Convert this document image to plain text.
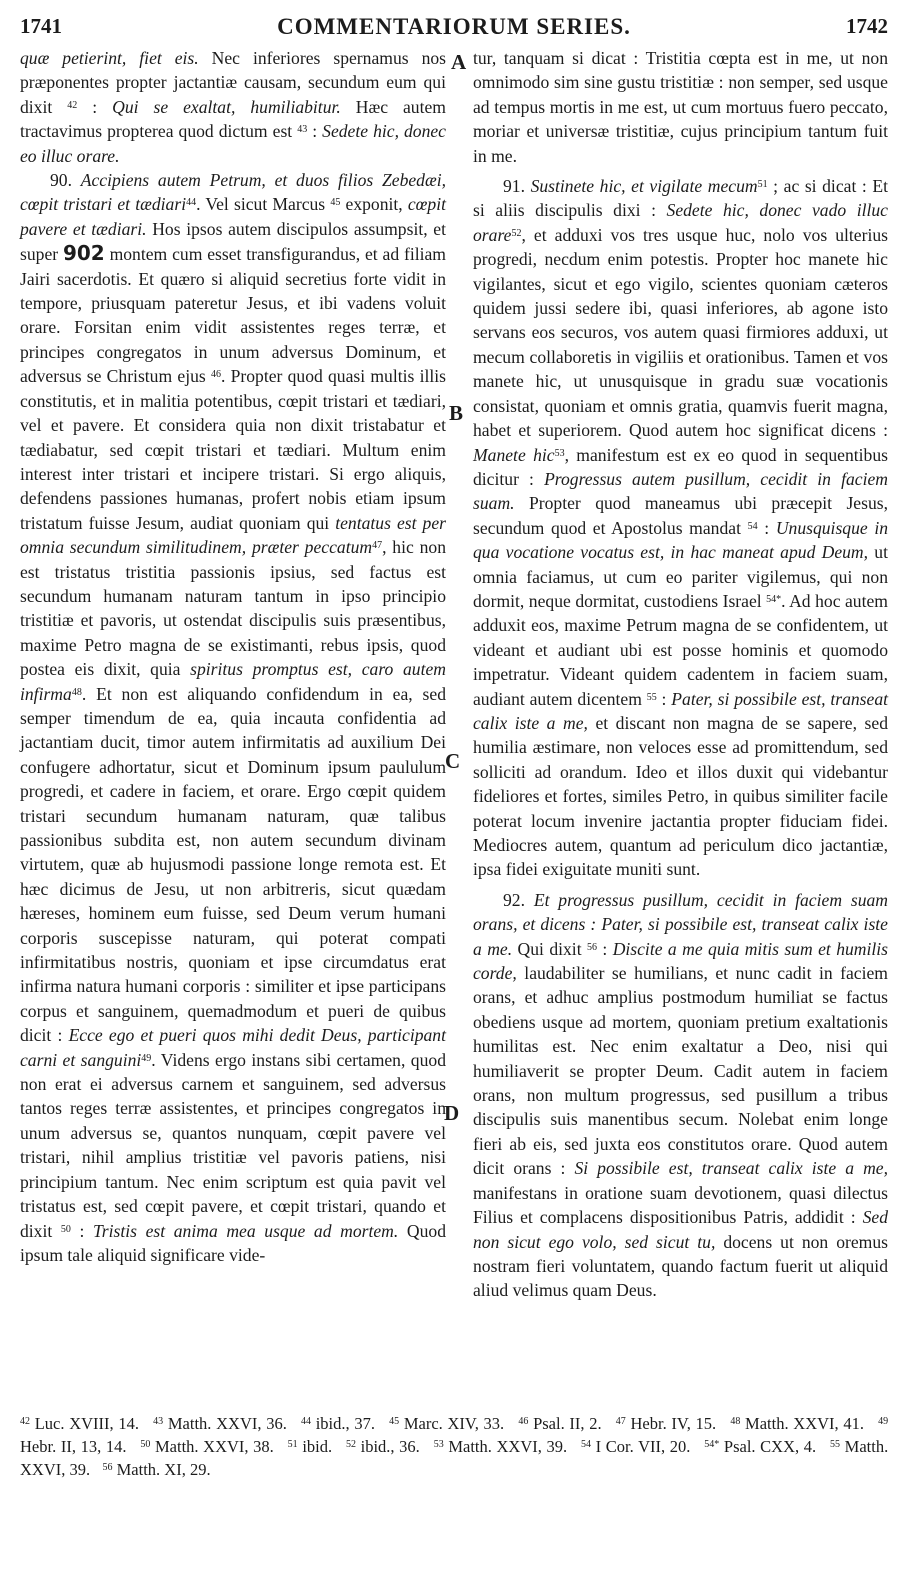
1741	COMMENTARIORUM SERIES.	1742

quæ petierint, fiet eis. Nec inferiores spernamus nos præponentes propter jactantiæ causam, secundum eum qui dixit $^{42}$ : Qui se exaltat, humiliabitur. Hæc autem tractavimus propterea quod dictum est $^{43}$ : Sedete hic, donec eo illuc orare.

90. Accipiens autem Petrum, et duos filios Zebedæi, cœpit tristari et tædiari$^{44}$. Vel sicut Marcus $^{45}$ exponit, cœpit pavere et tædiari. Hos ipsos autem discipulos assumpsit, et super 902 montem cum esset transfigurandus, et ad filiam Jairi sacerdotis. Et quæro si aliquid secretius forte vidit in tempore, priusquam pateretur Jesus, et ibi vadens voluit orare. Forsitan enim vidit assistentes reges terræ, et principes congregatos in unum adversus Dominum, et adversus se Christum ejus $^{46}$. Propter quod quasi multis illis constitutis, et in malitia potentibus, cœpit tristari et tædiari, vel et pavere. Et considera quia non dixit tristabatur et tædiabatur, sed cœpit tristari et tædiari. Multum enim interest inter tristari et incipere tristari. Si ergo aliquis, defendens passiones humanas, profert nobis etiam ipsum tristatum fuisse Jesum, audiat quoniam qui tentatus est per omnia secundum similitudinem, præter peccatum$^{47}$, hic non est tristatus tristitia passionis ipsius, sed factus est secundum humanam naturam tantum in ipso principio tristitiæ et pavoris, ut ostendat discipulis suis præsentibus, maxime Petro magna de se existimanti, rebus ipsis, quod postea eis dixit, quia spiritus promptus est, caro autem infirma$^{48}$. Et non est aliquando confidendum in ea, sed semper timendum de ea, quia incauta confidentia ad jactantiam ducit, timor autem infirmitatis ad auxilium Dei confugere adhortatur, sicut et Dominum ipsum paululum progredi, et cadere in faciem, et orare. Ergo cœpit quidem tristari secundum humanam naturam, quæ talibus passionibus subdita est, non autem secundum divinam virtutem, quæ ab hujusmodi passione longe remota est. Et hæc dicimus de Jesu, ut non arbitreris, sicut quædam hæreses, hominem eum fuisse, sed Deum verum humani corporis suscepisse naturam, qui poterat compati infirmitatibus nostris, quoniam et ipse circumdatus erat infirma natura humani corporis : similiter et ipse participans corpus et sanguinem, quemadmodum et pueri de quibus dicit : Ecce ego et pueri quos mihi dedit Deus, participant carni et sanguini$^{49}$. Videns ergo instans sibi certamen, quod non erat ei adversus carnem et sanguinem, sed adversus tantos reges terræ assistentes, et principes congregatos in unum adversus se, quantos nunquam, cœpit pavere vel tristari, nihil amplius tristitiæ vel pavoris patiens, nisi principium tantum. Nec enim scriptum est quia pavit vel tristatus est, sed cœpit pavere, et cœpit tristari, quando et dixit $^{50}$ : Tristis est anima mea usque ad mortem. Quod ipsum tale aliquid significare vide-

A
B
C
D

tur, tanquam si dicat : Tristitia cœpta est in me, ut non omnimodo sim sine gustu tristitiæ : non semper, sed usque ad tempus mortis in me est, ut cum mortuus fuero peccato, moriar et universæ tristitiæ, cujus principium tantum fuit in me.

91. Sustinete hic, et vigilate mecum$^{51}$ ; ac si dicat : Et si aliis discipulis dixi : Sedete hic, donec vado illuc orare$^{52}$, et adduxi vos tres usque huc, nolo vos ulterius progredi, necdum enim potestis. Propter hoc manete hic vigilantes, sicut et ego vigilo, scientes quoniam cæteros quidem jussi sedere ibi, quasi inferiores, ab agone isto servans eos securos, vos autem quasi firmiores adduxi, ut mecum collaboretis in vigiliis et orationibus. Tamen et vos manete hic, ut unusquisque in gradu suæ vocationis consistat, quoniam et omnis gratia, quamvis fuerit magna, habet et superiorem. Quod autem hoc significat dicens : Manete hic$^{53}$, manifestum est ex eo quod in sequentibus dicitur : Progressus autem pusillum, cecidit in faciem suam. Propter quod maneamus ubi præcepit Jesus, secundum quod et Apostolus mandat $^{54}$ : Unusquisque in qua vocatione vocatus est, in hac maneat apud Deum, ut omnia faciamus, ut cum eo pariter vigilemus, qui non dormit, neque dormitat, custodiens Israel $^{54*}$. Ad hoc autem adduxit eos, maxime Petrum magna de se confidentem, ut videant et audiant ubi est posse hominis et quomodo impetratur. Videant quidem cadentem in faciem suam, audiant autem dicentem $^{55}$ : Pater, si possibile est, transeat calix iste a me, et discant non magna de se sapere, sed humilia æstimare, non veloces esse ad promittendum, sed solliciti ad orandum. Ideo et illos duxit qui videbantur fideliores et fortes, similes Petro, in quibus similiter facile poterat locum invenire jactantia propter fiduciam fidei. Mediocres autem, quantum ad periculum dico jactantiæ, ipsa fidei exiguitate muniti sunt.

92. Et progressus pusillum, cecidit in faciem suam orans, et dicens : Pater, si possibile est, transeat calix iste a me. Qui dixit $^{56}$ : Discite a me quia mitis sum et humilis corde, laudabiliter se humilians, et nunc cadit in faciem orans, et adhuc amplius postmodum humiliat se factus obediens usque ad mortem, quoniam pretium exaltationis humilitas est. Nec enim exaltatur a Deo, nisi qui humiliaverit se propter Deum. Cadit autem in faciem orans, non multum progressus, sed pusillum a tribus discipulis suis manentibus secum. Nolebat enim longe fieri ab eis, sed juxta eos constitutos orare. Quod autem dicit orans : Si possibile est, transeat calix iste a me, manifestans in oratione suam devotionem, quasi dilectus Filius et complacens dispositionibus Patris, addidit : Sed non sicut ego volo, sed sicut tu, docens ut non oremus nostram fieri voluntatem, quando factum fuerit ut aliquid aliud velimus quam Deus.

$^{42}$ Luc. XVIII, 14. $^{43}$ Matth. XXVI, 36. $^{44}$ ibid., 37. $^{45}$ Marc. XIV, 33. $^{46}$ Psal. II, 2. $^{47}$ Hebr. IV, 15. $^{48}$ Matth. XXVI, 41. $^{49}$ Hebr. II, 13, 14. $^{50}$ Matth. XXVI, 38. $^{51}$ ibid. $^{52}$ ibid., 36. $^{53}$ Matth. XXVI, 39. $^{54}$ I Cor. VII, 20. $^{54*}$ Psal. CXX, 4. $^{55}$ Matth. XXVI, 39. $^{56}$ Matth. XI, 29.
